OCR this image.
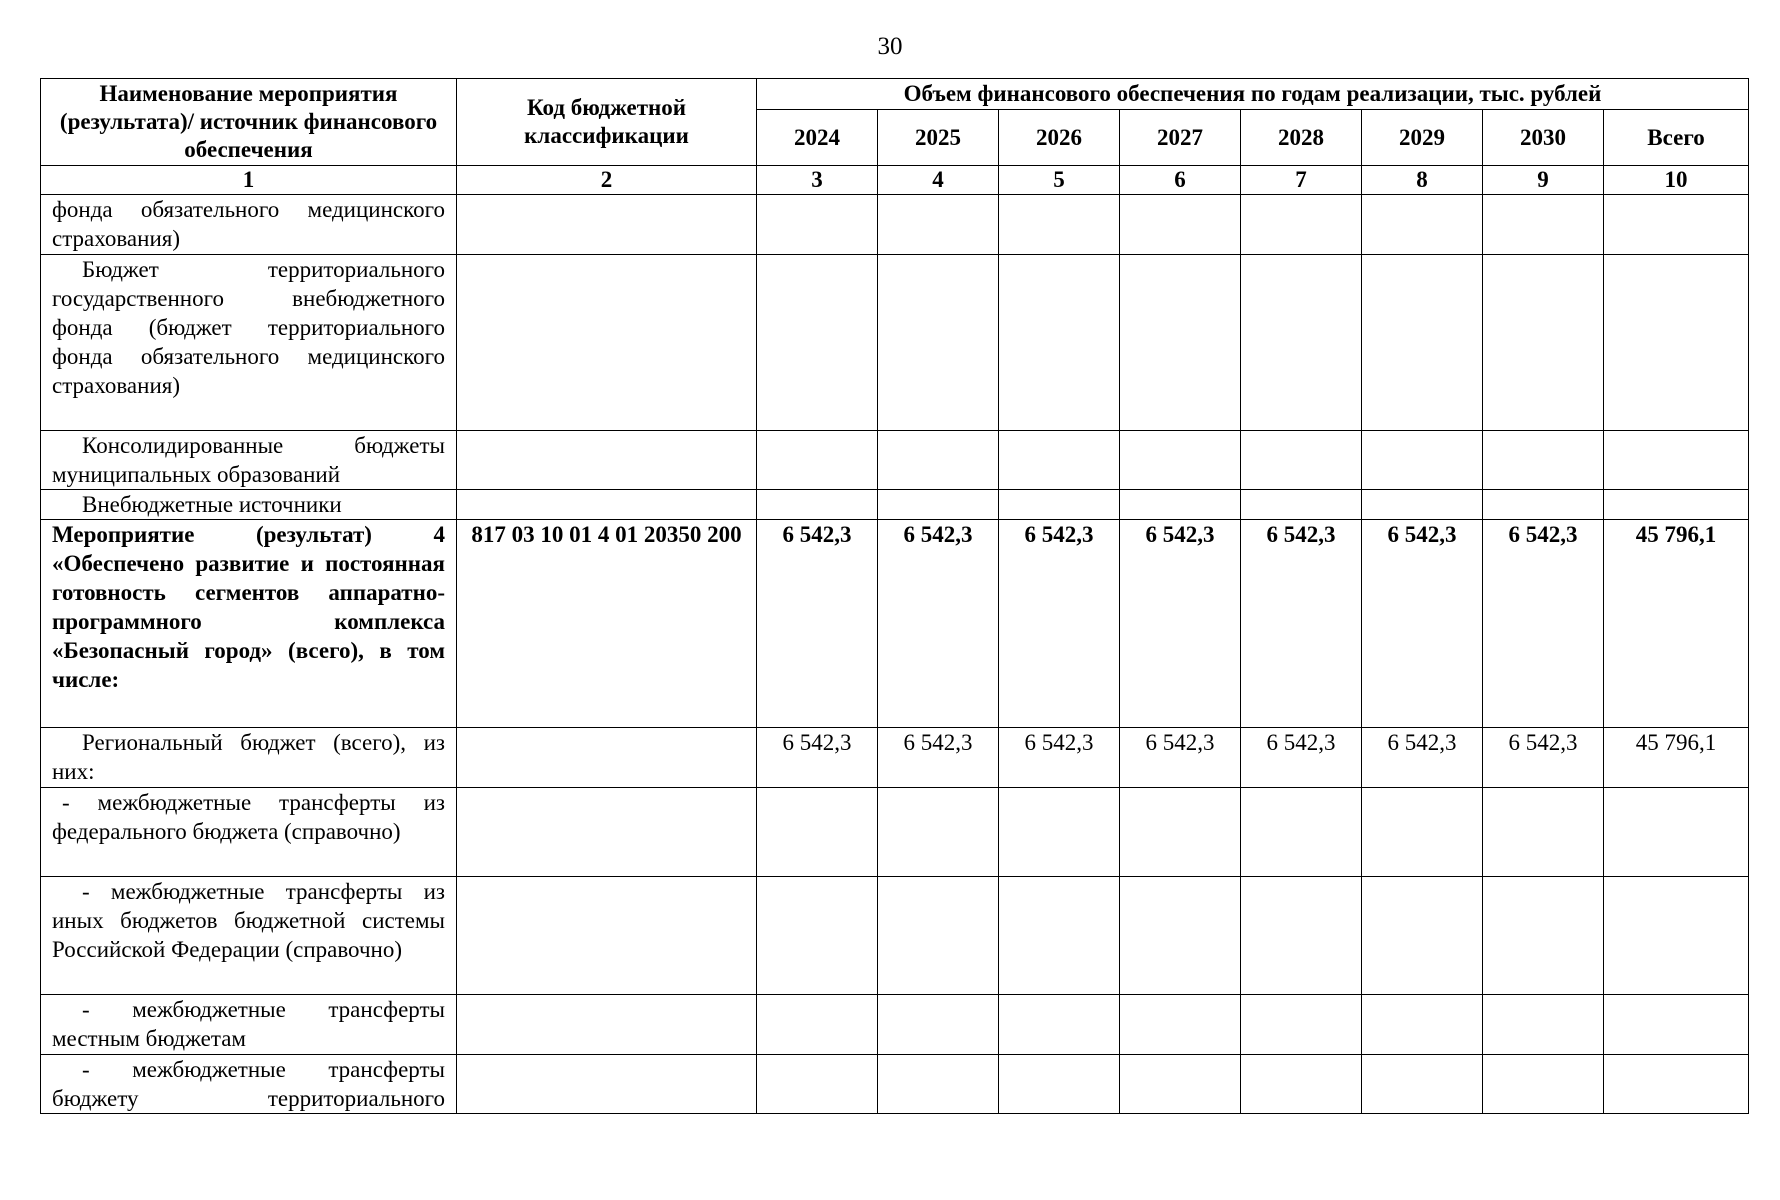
30
Наименование мероприятия (результата)/ источник финансового обеспечения	Код бюджетной классификации	Объем финансового обеспечения по годам реализации, тыс. рублей							
		2024	2025	2026	2027	2028	2029	2030	Всего
1	2	3	4	5	6	7	8	9	10
фонда обязательного медицинского страхования)									
Бюджет территориального государственного внебюджетного фонда (бюджет территориального фонда обязательного медицинского страхования)									
Консолидированные бюджеты муниципальных образований									
Внебюджетные источники									
Мероприятие (результат) 4 «Обеспечено развитие и постоянная готовность сегментов аппаратно-программного комплекса «Безопасный город» (всего), в том числе:	817 03 10 01 4 01 20350 200	6 542,3	6 542,3	6 542,3	6 542,3	6 542,3	6 542,3	6 542,3	45 796,1
Региональный бюджет (всего), из них:		6 542,3	6 542,3	6 542,3	6 542,3	6 542,3	6 542,3	6 542,3	45 796,1
- межбюджетные трансферты из федерального бюджета (справочно)									
- межбюджетные трансферты из иных бюджетов бюджетной системы Российской Федерации (справочно)									
- межбюджетные трансферты местным бюджетам									
- межбюджетные трансферты бюджету территориального									
